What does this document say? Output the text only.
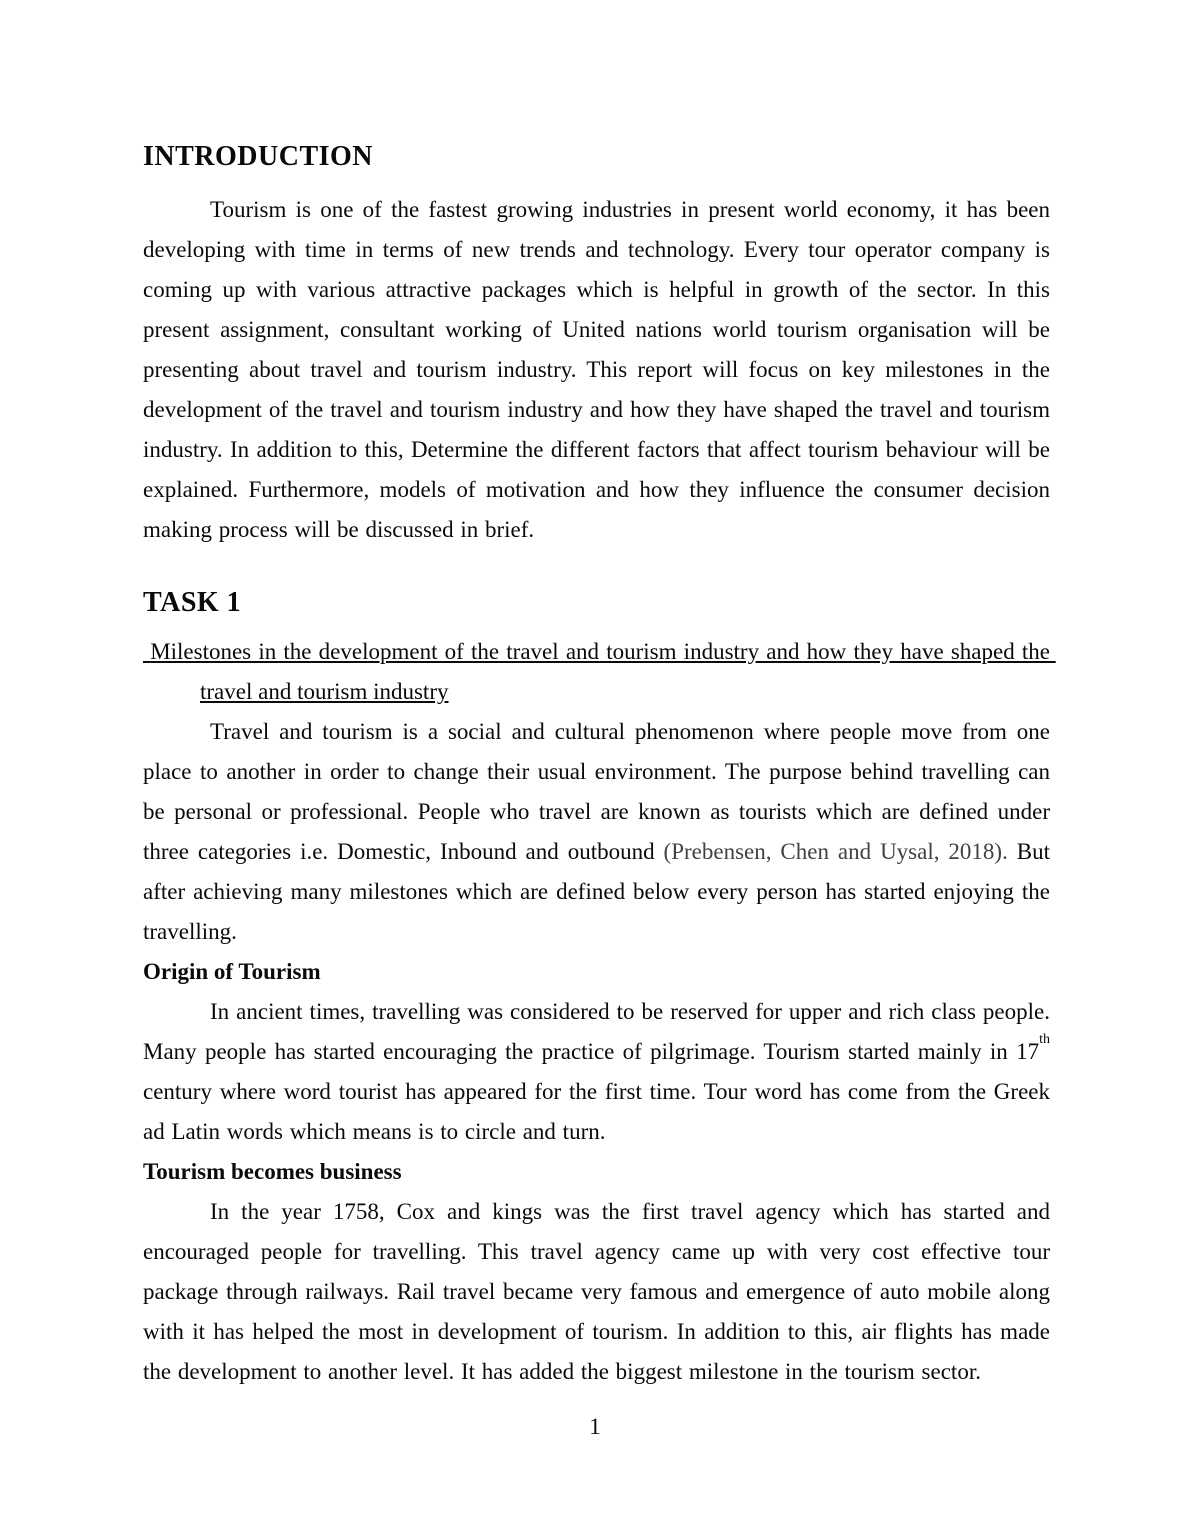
INTRODUCTION

Tourism is one of the fastest growing industries in present world economy, it has been developing with time in terms of new trends and technology. Every tour operator company is coming up with various attractive packages which is helpful in growth of the sector. In this present assignment, consultant working of United nations world tourism organisation will be presenting about travel and tourism industry. This report will focus on key milestones in the development of the travel and tourism industry and how they have shaped the travel and tourism industry. In addition to this, Determine the different factors that affect tourism behaviour will be explained. Furthermore, models of motivation and how they influence the consumer decision making process will be discussed in brief.

TASK 1
Milestones in the development of the travel and tourism industry and how they have shaped the travel and tourism industry

Travel and tourism is a social and cultural phenomenon where people move from one place to another in order to change their usual environment. The purpose behind travelling can be personal or professional. People who travel are known as tourists which are defined under three categories i.e. Domestic, Inbound and outbound (Prebensen, Chen and Uysal, 2018). But after achieving many milestones which are defined below every person has started enjoying the travelling.

Origin of Tourism

In ancient times, travelling was considered to be reserved for upper and rich class people. Many people has started encouraging the practice of pilgrimage. Tourism started mainly in 17th century where word tourist has appeared for the first time. Tour word has come from the Greek ad Latin words which means is to circle and turn.

Tourism becomes business

In the year 1758, Cox and kings was the first travel agency which has started and encouraged people for travelling. This travel agency came up with very cost effective tour package through railways. Rail travel became very famous and emergence of auto mobile along with it has helped the most in development of tourism. In addition to this, air flights has made the development to another level. It has added the biggest milestone in the tourism sector.

1
